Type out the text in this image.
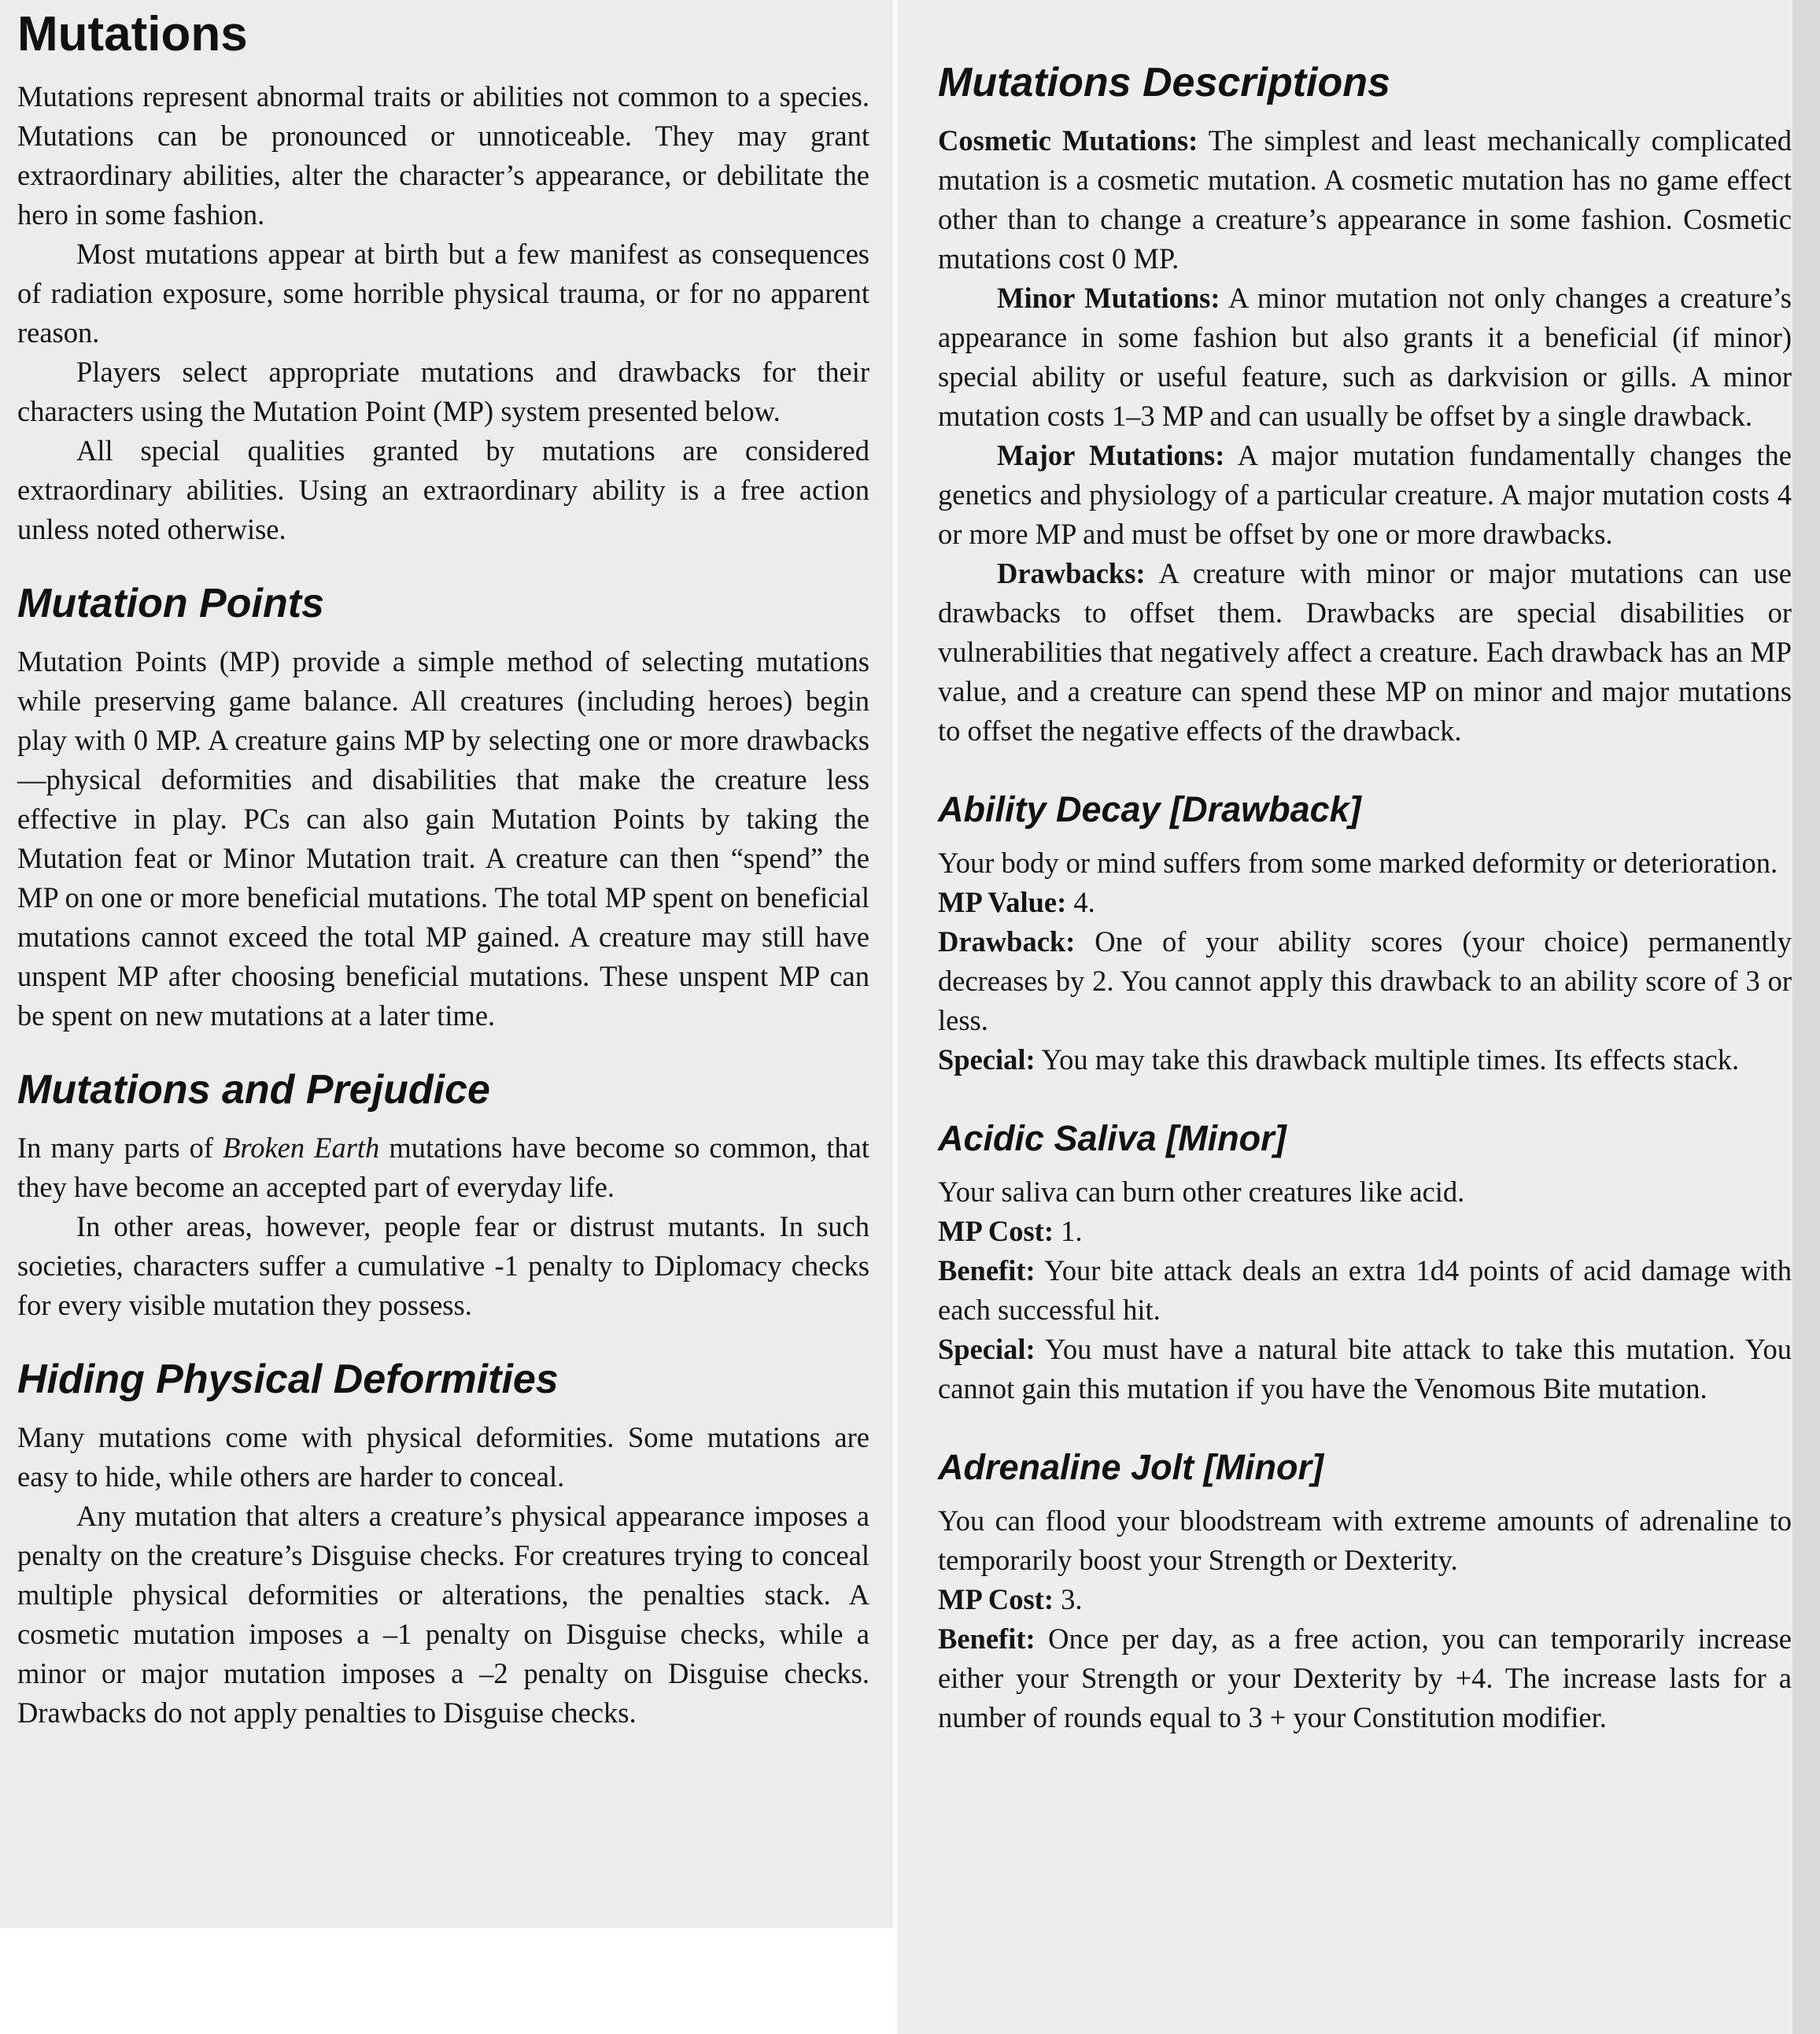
Mutations

Mutations represent abnormal traits or abilities not common to a species. Mutations can be pronounced or unnoticeable. They may grant extraordinary abilities, alter the character’s appearance, or debilitate the hero in some fashion.

Most mutations appear at birth but a few manifest as consequences of radiation exposure, some horrible physical trauma, or for no apparent reason.

Players select appropriate mutations and drawbacks for their characters using the Mutation Point (MP) system presented below.

All special qualities granted by mutations are considered extraordinary abilities. Using an extraordinary ability is a free action unless noted otherwise.

Mutation Points

Mutation Points (MP) provide a simple method of selecting mutations while preserving game balance. All creatures (including heroes) begin play with 0 MP. A creature gains MP by selecting one or more drawbacks—physical deformities and disabilities that make the creature less effective in play. PCs can also gain Mutation Points by taking the Mutation feat or Minor Mutation trait. A creature can then “spend” the MP on one or more beneficial mutations. The total MP spent on beneficial mutations cannot exceed the total MP gained. A creature may still have unspent MP after choosing beneficial mutations. These unspent MP can be spent on new mutations at a later time.

Mutations and Prejudice

In many parts of Broken Earth mutations have become so common, that they have become an accepted part of everyday life.

In other areas, however, people fear or distrust mutants. In such societies, characters suffer a cumulative -1 penalty to Diplomacy checks for every visible mutation they possess.

Hiding Physical Deformities

Many mutations come with physical deformities. Some mutations are easy to hide, while others are harder to conceal.

Any mutation that alters a creature’s physical appearance imposes a penalty on the creature’s Disguise checks. For creatures trying to conceal multiple physical deformities or alterations, the penalties stack. A cosmetic mutation imposes a –1 penalty on Disguise checks, while a minor or major mutation imposes a –2 penalty on Disguise checks. Drawbacks do not apply penalties to Disguise checks.

Mutations Descriptions

Cosmetic Mutations: The simplest and least mechanically complicated mutation is a cosmetic mutation. A cosmetic mutation has no game effect other than to change a creature’s appearance in some fashion. Cosmetic mutations cost 0 MP.

Minor Mutations: A minor mutation not only changes a creature’s appearance in some fashion but also grants it a beneficial (if minor) special ability or useful feature, such as darkvision or gills. A minor mutation costs 1–3 MP and can usually be offset by a single drawback.

Major Mutations: A major mutation fundamentally changes the genetics and physiology of a particular creature. A major mutation costs 4 or more MP and must be offset by one or more drawbacks.

Drawbacks: A creature with minor or major mutations can use drawbacks to offset them. Drawbacks are special disabilities or vulnerabilities that negatively affect a creature. Each drawback has an MP value, and a creature can spend these MP on minor and major mutations to offset the negative effects of the drawback.

Ability Decay [Drawback]

Your body or mind suffers from some marked deformity or deterioration.

MP Value: 4.

Drawback: One of your ability scores (your choice) permanently decreases by 2. You cannot apply this drawback to an ability score of 3 or less.

Special: You may take this drawback multiple times. Its effects stack.

Acidic Saliva [Minor]

Your saliva can burn other creatures like acid.

MP Cost: 1.

Benefit: Your bite attack deals an extra 1d4 points of acid damage with each successful hit.

Special: You must have a natural bite attack to take this mutation. You cannot gain this mutation if you have the Venomous Bite mutation.

Adrenaline Jolt [Minor]

You can flood your bloodstream with extreme amounts of adrenaline to temporarily boost your Strength or Dexterity.

MP Cost: 3.

Benefit: Once per day, as a free action, you can temporarily increase either your Strength or your Dexterity by +4. The increase lasts for a number of rounds equal to 3 + your Constitution modifier.
